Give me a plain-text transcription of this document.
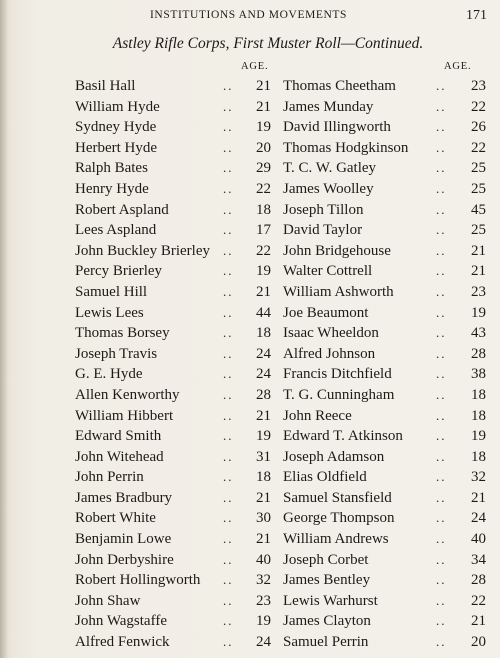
INSTITUTIONS AND MOVEMENTS	171
Astley Rifle Corps, First Muster Roll—Continued.
AGE.	AGE.
Basil Hall	..	21
William Hyde	..	21
Sydney Hyde	..	19
Herbert Hyde	..	20
Ralph Bates	..	29
Henry Hyde	..	22
Robert Aspland	..	18
Lees Aspland	..	17
John Buckley Brierley ..	22
Percy Brierley	..	19
Samuel Hill	..	21
Lewis Lees	..	44
Thomas Borsey	..	18
Joseph Travis	..	24
G. E. Hyde	..	24
Allen Kenworthy	..	28
William Hibbert	..	21
Edward Smith	..	19
John Witehead	..	31
John Perrin	..	18
James Bradbury	..	21
Robert White	..	30
Benjamin Lowe	..	21
John Derbyshire	..	40
Robert Hollingworth ..	32
John Shaw	..	23
John Wagstaffe	..	19
Alfred Fenwick	..	24
Thomas Cheetham	..	23
James Munday	..	22
David Illingworth	..	26
Thomas Hodgkinson ..	22
T. C. W. Gatley	..	25
James Woolley	..	25
Joseph Tillon	..	45
David Taylor	..	25
John Bridgehouse	..	21
Walter Cottrell	..	21
William Ashworth	..	23
Joe Beaumont	..	19
Isaac Wheeldon	..	43
Alfred Johnson	..	28
Francis Ditchfield	..	38
T. G. Cunningham	..	18
John Reece	..	18
Edward T. Atkinson	..	19
Joseph Adamson	..	18
Elias Oldfield	..	32
Samuel Stansfield	..	21
George Thompson	..	24
William Andrews	..	40
Joseph Corbet	..	34
James Bentley	..	28
Lewis Warhurst	..	22
James Clayton	..	21
Samuel Perrin	..	20
